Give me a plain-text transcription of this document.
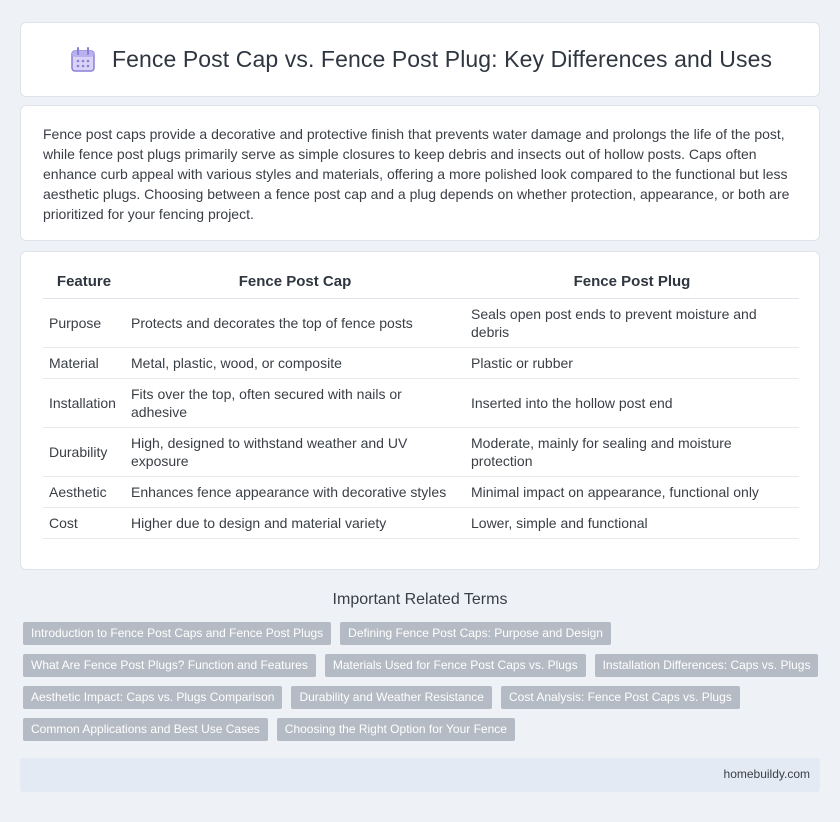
Fence Post Cap vs. Fence Post Plug: Key Differences and Uses

Fence post caps provide a decorative and protective finish that prevents water damage and prolongs the life of the post, while fence post plugs primarily serve as simple closures to keep debris and insects out of hollow posts. Caps often enhance curb appeal with various styles and materials, offering a more polished look compared to the functional but less aesthetic plugs. Choosing between a fence post cap and a plug depends on whether protection, appearance, or both are prioritized for your fencing project.

Feature	Fence Post Cap	Fence Post Plug
Purpose	Protects and decorates the top of fence posts	Seals open post ends to prevent moisture and debris
Material	Metal, plastic, wood, or composite	Plastic or rubber
Installation	Fits over the top, often secured with nails or adhesive	Inserted into the hollow post end
Durability	High, designed to withstand weather and UV exposure	Moderate, mainly for sealing and moisture protection
Aesthetic	Enhances fence appearance with decorative styles	Minimal impact on appearance, functional only
Cost	Higher due to design and material variety	Lower, simple and functional
Important Related Terms
Introduction to Fence Post Caps and Fence Post Plugs	Defining Fence Post Caps: Purpose and Design
What Are Fence Post Plugs? Function and Features	Materials Used for Fence Post Caps vs. Plugs	Installation Differences: Caps vs. Plugs
Aesthetic Impact: Caps vs. Plugs Comparison	Durability and Weather Resistance	Cost Analysis: Fence Post Caps vs. Plugs
Common Applications and Best Use Cases	Choosing the Right Option for Your Fence
homebuildy.com
